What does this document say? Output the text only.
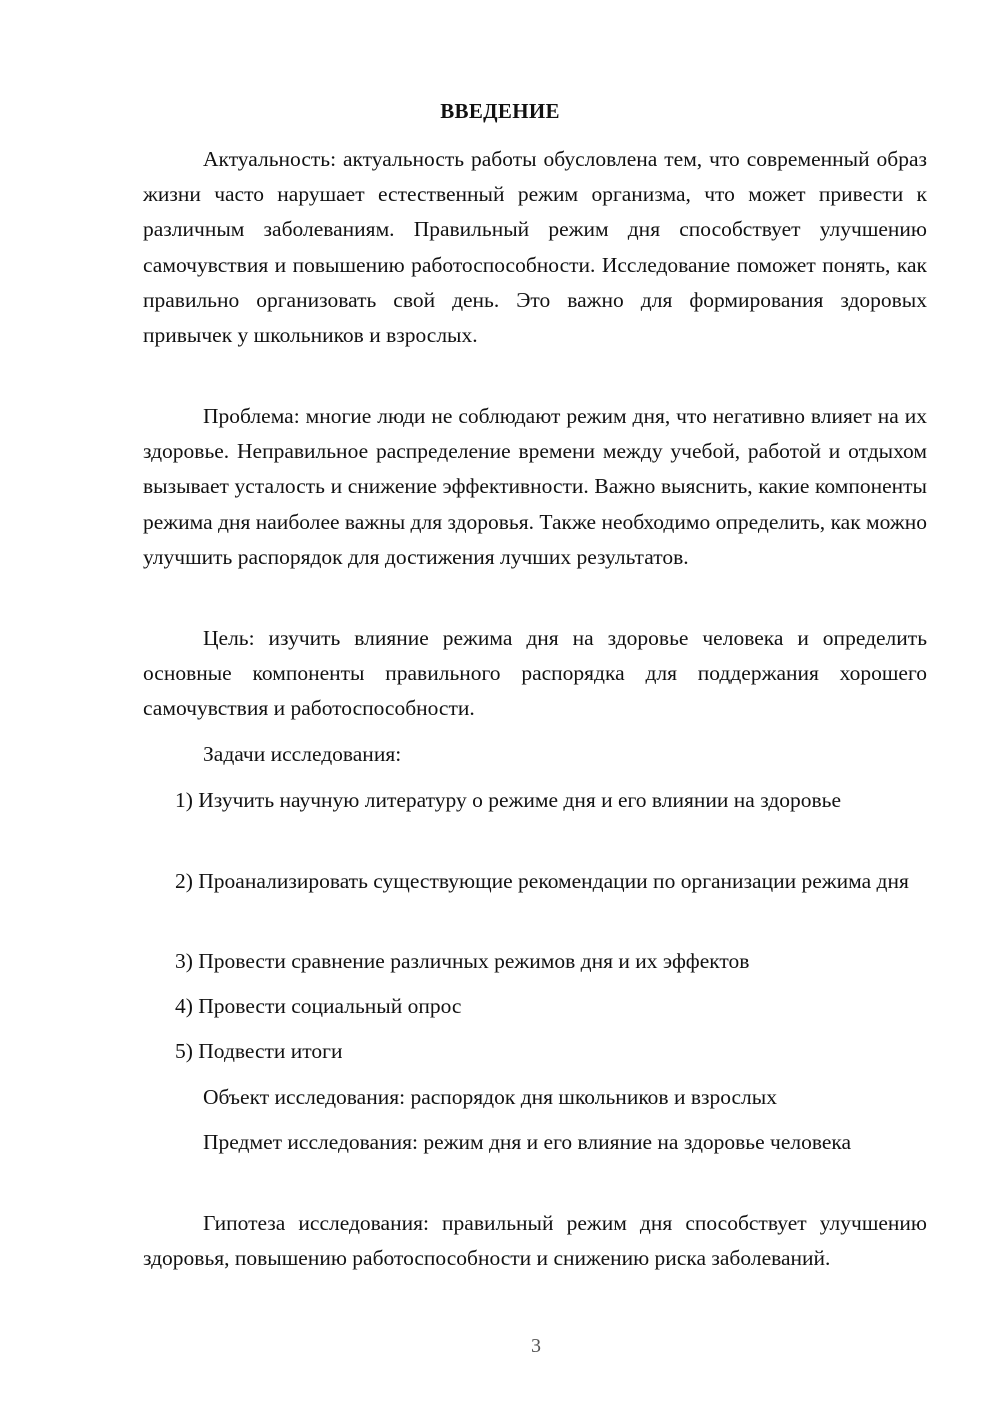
ВВЕДЕНИЕ

Актуальность: актуальность работы обусловлена тем, что современный образ жизни часто нарушает естественный режим организма, что может привести к различным заболеваниям. Правильный режим дня способствует улучшению самочувствия и повышению работоспособности. Исследование поможет понять, как правильно организовать свой день. Это важно для формирования здоровых привычек у школьников и взрослых.

Проблема: многие люди не соблюдают режим дня, что негативно влияет на их здоровье. Неправильное распределение времени между учебой, работой и отдыхом вызывает усталость и снижение эффективности. Важно выяснить, какие компоненты режима дня наиболее важны для здоровья. Также необходимо определить, как можно улучшить распорядок для достижения лучших результатов.

Цель: изучить влияние режима дня на здоровье человека и определить основные компоненты правильного распорядка для поддержания хорошего самочувствия и работоспособности.

Задачи исследования:

1) Изучить научную литературу о режиме дня и его влиянии на здоровье

2) Проанализировать существующие рекомендации по организации режима дня

3) Провести сравнение различных режимов дня и их эффектов

4) Провести социальный опрос

5) Подвести итоги

Объект исследования: распорядок дня школьников и взрослых

Предмет исследования: режим дня и его влияние на здоровье человека

Гипотеза исследования: правильный режим дня способствует улучшению здоровья, повышению работоспособности и снижению риска заболеваний.

3
